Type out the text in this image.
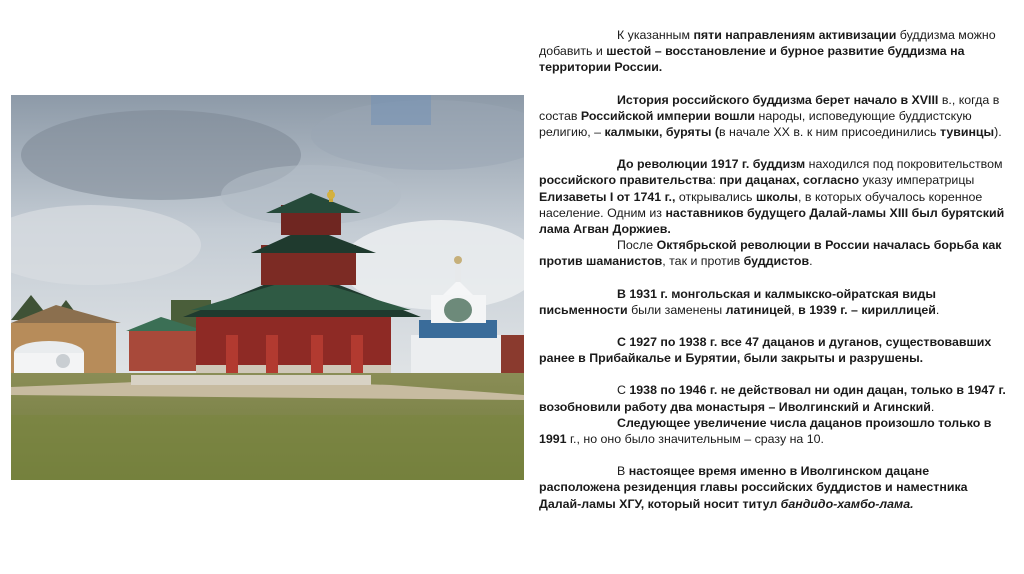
К указанным пяти направлениям активизации буддизма можно добавить и шестой – восстановление и бурное развитие буддизма на территории России.

История российского буддизма берет начало в XVIII в., когда в состав Российской империи вошли народы, исповедующие буддистскую религию, – калмыки, буряты (в начале XX в. к ним присоединились тувинцы).

До революции 1917 г. буддизм находился под покровительством российского правительства: при дацанах, согласно указу императрицы Елизаветы I от 1741 г., открывались школы, в которых обучалось коренное население. Одним из наставников будущего Далай-ламы XIII был бурятский лама Агван Доржиев.

После Октябрьской революции в России началась борьба как против шаманистов, так и против буддистов.

В 1931 г. монгольская и калмыкско-ойратская виды письменности были заменены латиницей, в 1939 г. – кириллицей.

С 1927 по 1938 г. все 47 дацанов и дуганов, существовавших ранее в Прибайкалье и Бурятии, были закрыты и разрушены.

С 1938 по 1946 г. не действовал ни один дацан, только в 1947 г. возобновили работу два монастыря – Иволгинский и Агинский.

Следующее увеличение числа дацанов произошло только в 1991 г., но оно было значительным – сразу на 10.

В настоящее время именно в Иволгинском дацане расположена резиденция главы российских буддистов и наместника Далай-ламы ХГУ, который носит титул бандидо-хамбо-лама.
